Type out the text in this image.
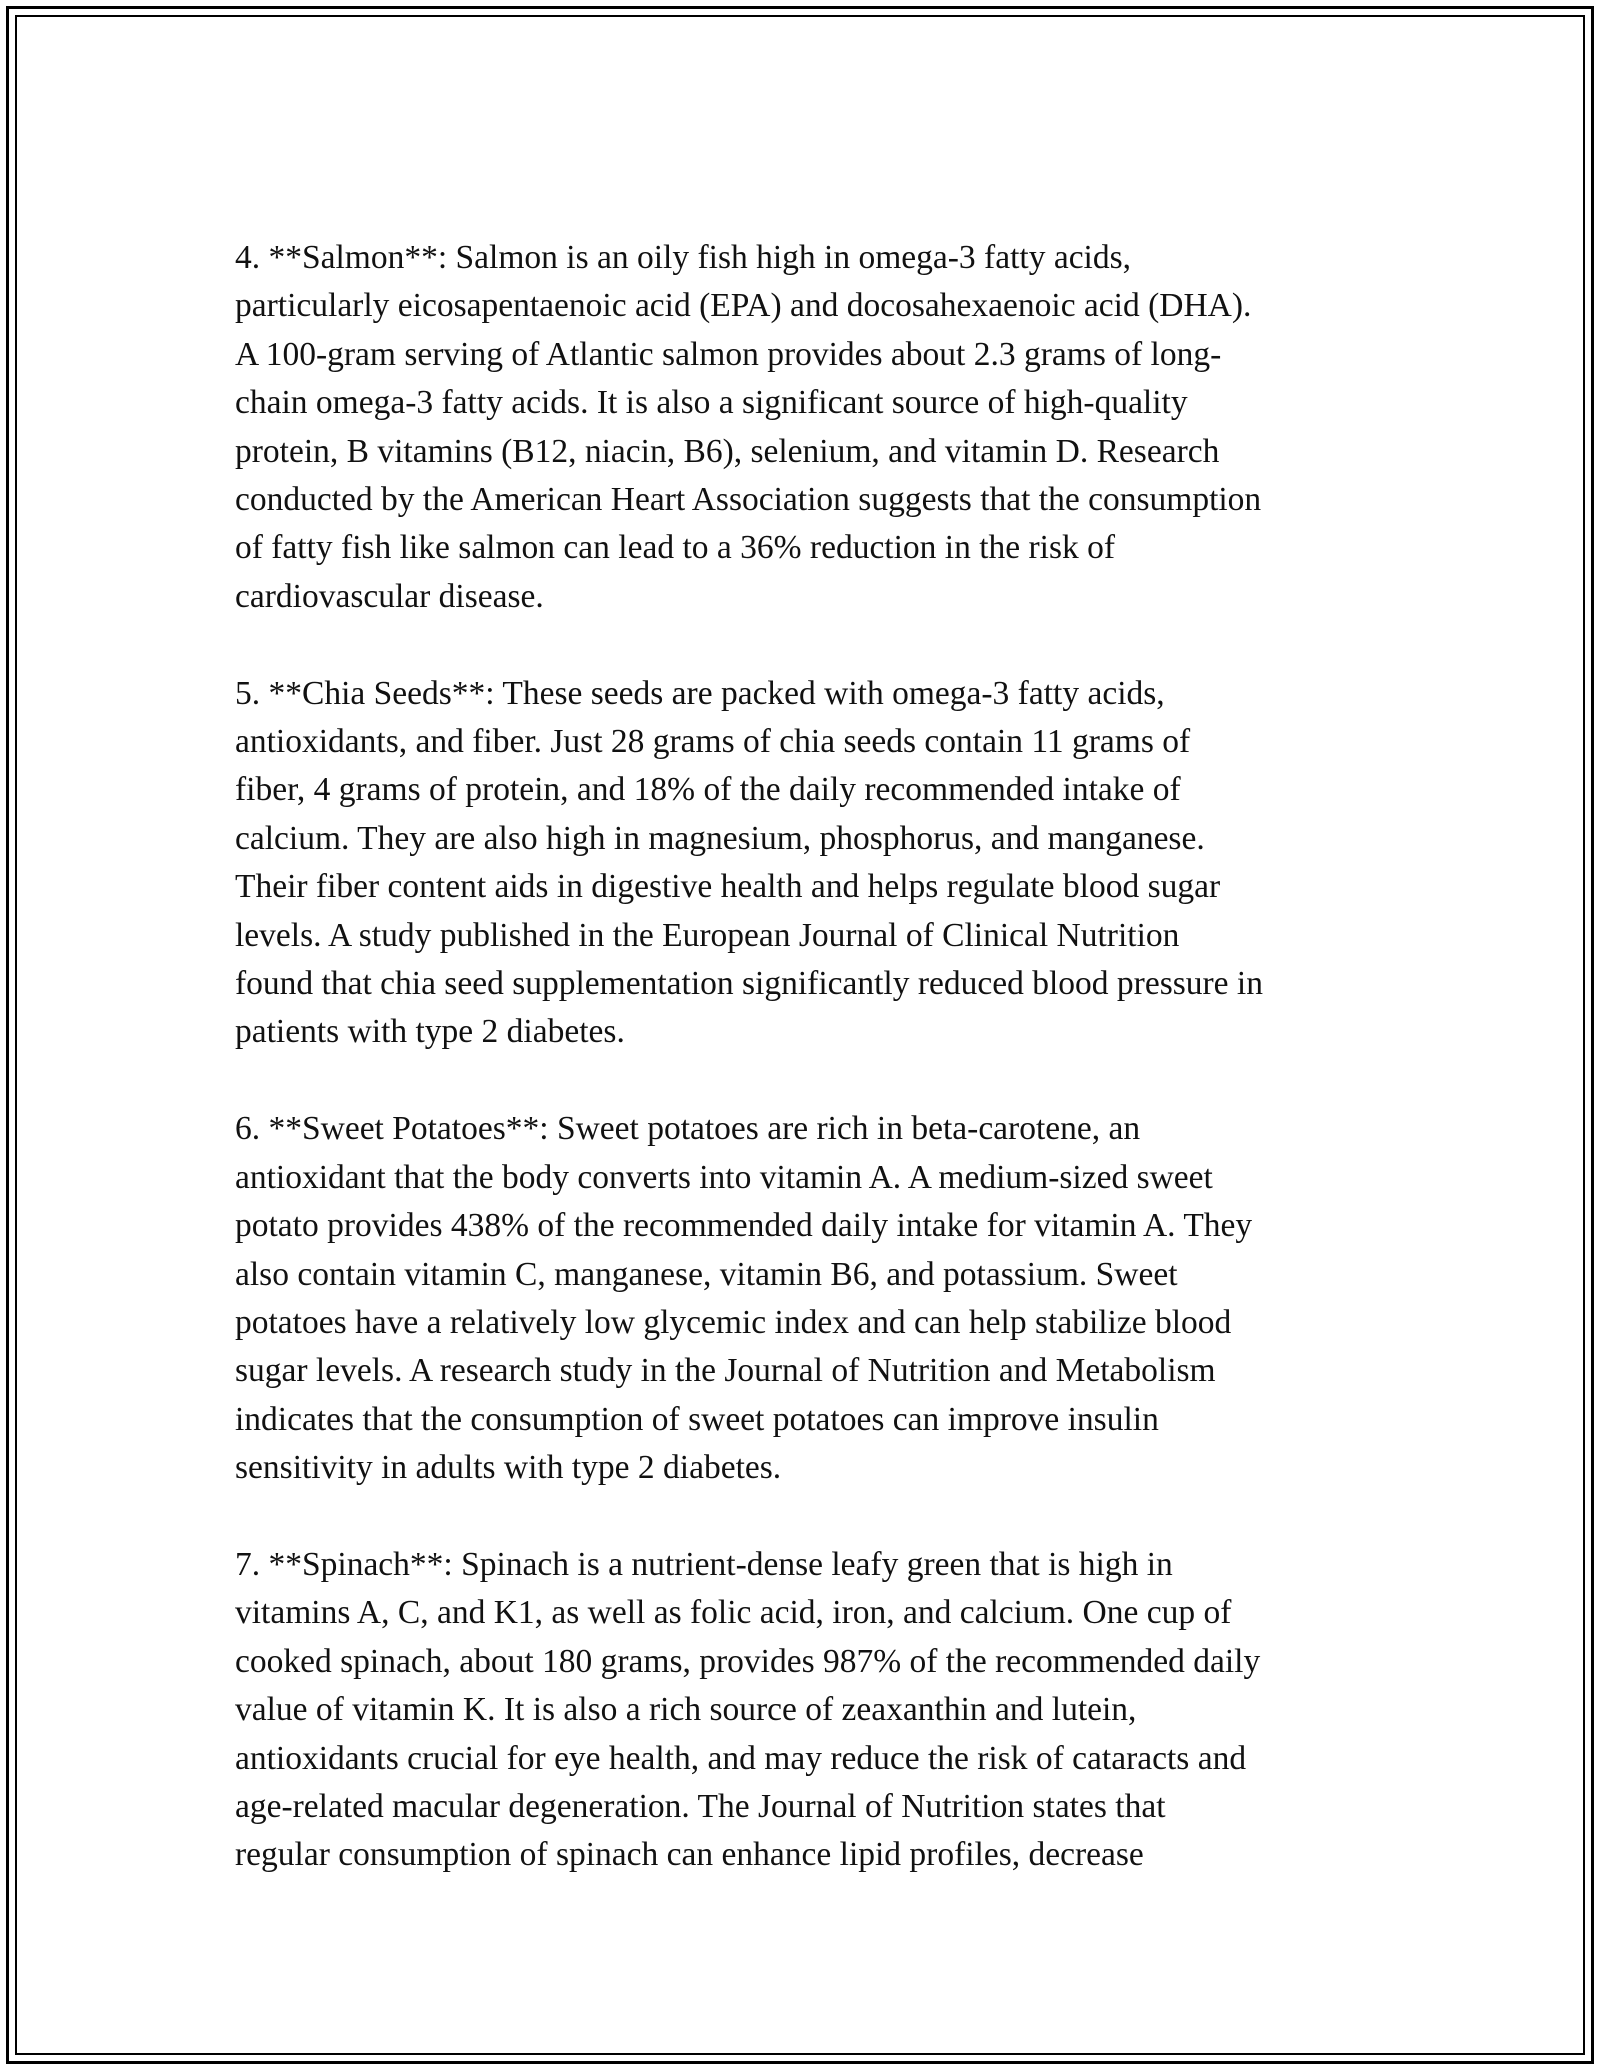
4. **Salmon**: Salmon is an oily fish high in omega-3 fatty acids,
particularly eicosapentaenoic acid (EPA) and docosahexaenoic acid (DHA).
A 100-gram serving of Atlantic salmon provides about 2.3 grams of long-
chain omega-3 fatty acids. It is also a significant source of high-quality
protein, B vitamins (B12, niacin, B6), selenium, and vitamin D. Research
conducted by the American Heart Association suggests that the consumption
of fatty fish like salmon can lead to a 36% reduction in the risk of
cardiovascular disease.

5. **Chia Seeds**: These seeds are packed with omega-3 fatty acids,
antioxidants, and fiber. Just 28 grams of chia seeds contain 11 grams of
fiber, 4 grams of protein, and 18% of the daily recommended intake of
calcium. They are also high in magnesium, phosphorus, and manganese.
Their fiber content aids in digestive health and helps regulate blood sugar
levels. A study published in the European Journal of Clinical Nutrition
found that chia seed supplementation significantly reduced blood pressure in
patients with type 2 diabetes.

6. **Sweet Potatoes**: Sweet potatoes are rich in beta-carotene, an
antioxidant that the body converts into vitamin A. A medium-sized sweet
potato provides 438% of the recommended daily intake for vitamin A. They
also contain vitamin C, manganese, vitamin B6, and potassium. Sweet
potatoes have a relatively low glycemic index and can help stabilize blood
sugar levels. A research study in the Journal of Nutrition and Metabolism
indicates that the consumption of sweet potatoes can improve insulin
sensitivity in adults with type 2 diabetes.

7. **Spinach**: Spinach is a nutrient-dense leafy green that is high in
vitamins A, C, and K1, as well as folic acid, iron, and calcium. One cup of
cooked spinach, about 180 grams, provides 987% of the recommended daily
value of vitamin K. It is also a rich source of zeaxanthin and lutein,
antioxidants crucial for eye health, and may reduce the risk of cataracts and
age-related macular degeneration. The Journal of Nutrition states that
regular consumption of spinach can enhance lipid profiles, decrease
